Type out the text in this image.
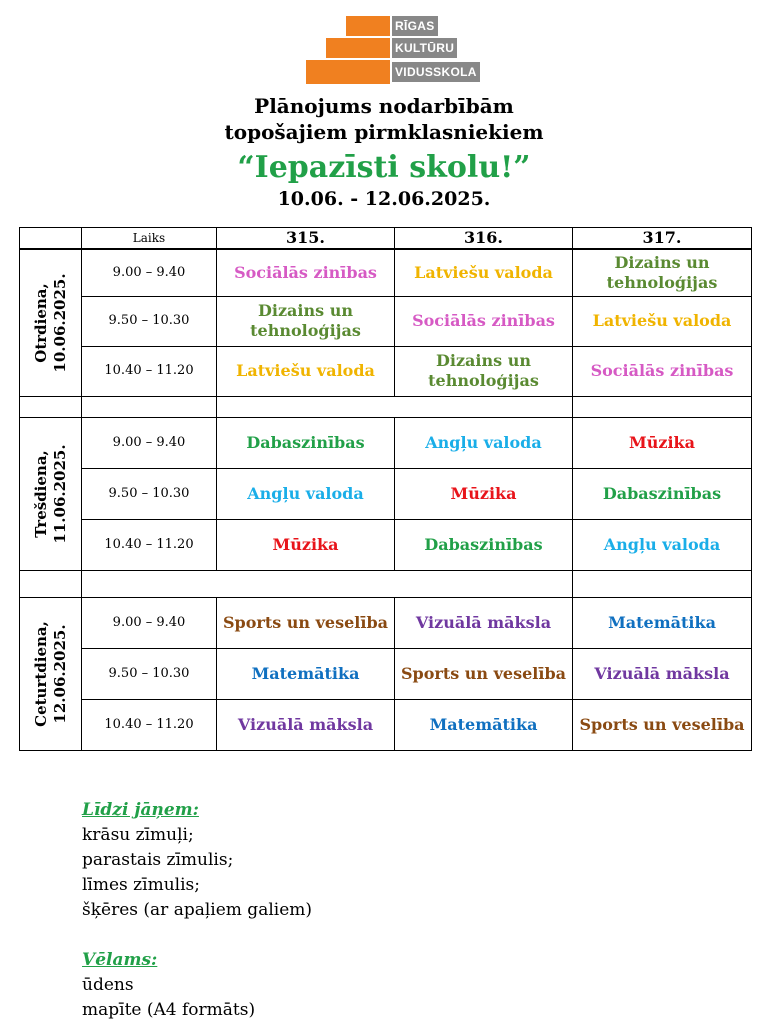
RĪGAS
KULTŪRU
VIDUSSKOLA
Plānojums nodarbībām
topošajiem pirmklasniekiem
“Iepazīsti skolu!”
10.06. - 12.06.2025.
	Laiks	315.	316.	317.

Otrdiena,
10.06.2025.	9.00 – 9.40	Sociālās zinības	Latviešu valoda	Dizains un tehnoloģijas
	9.50 – 10.30	Dizains un tehnoloģijas	Sociālās zinības	Latviešu valoda
	10.40 – 11.20	Latviešu valoda	Dizains un tehnoloģijas	Sociālās zinības

Trešdiena,
11.06.2025.	9.00 – 9.40	Dabaszinības	Angļu valoda	Mūzika
	9.50 – 10.30	Angļu valoda	Mūzika	Dabaszinības
	10.40 – 11.20	Mūzika	Dabaszinības	Angļu valoda

Ceturtdiena,
12.06.2025.	9.00 – 9.40	Sports un veselība	Vizuālā māksla	Matemātika
	9.50 – 10.30	Matemātika	Sports un veselība	Vizuālā māksla
	10.40 – 11.20	Vizuālā māksla	Matemātika	Sports un veselība
Līdzi jāņem:
krāsu zīmuļi;
parastais zīmulis;
līmes zīmulis;
šķēres (ar apaļiem galiem)
Vēlams:
ūdens
mapīte (A4 formāts)
